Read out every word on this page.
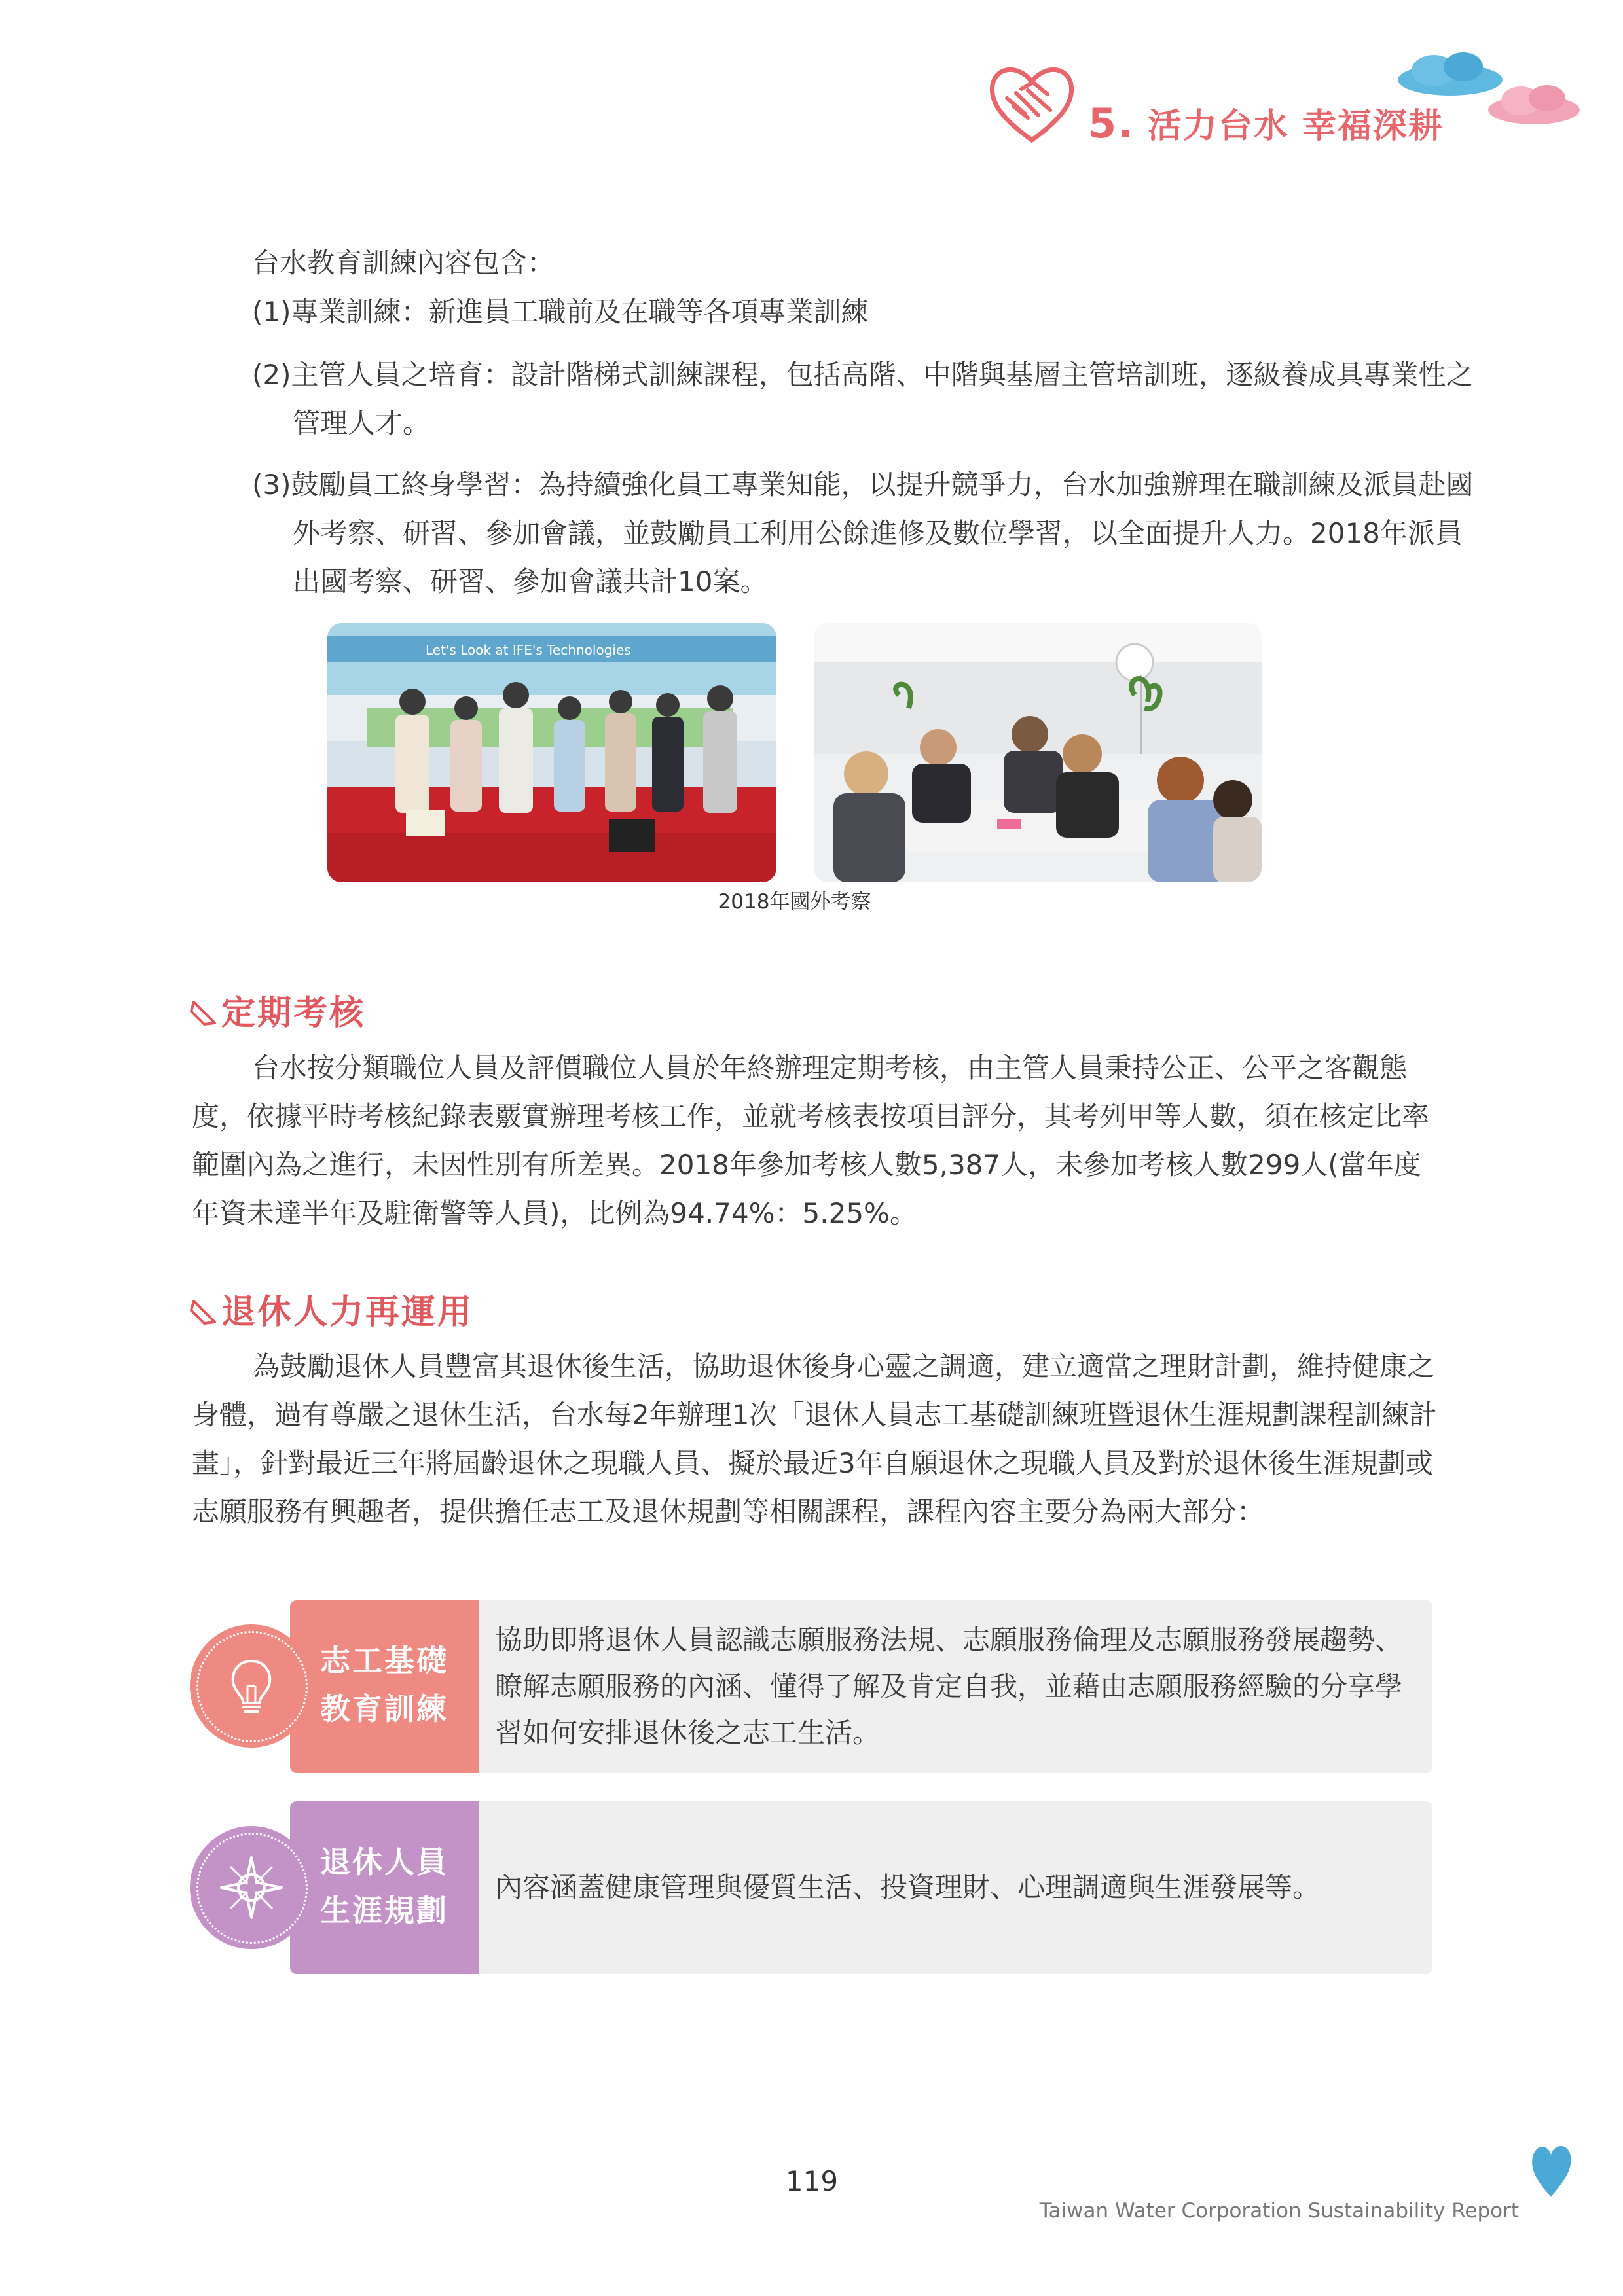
5. 活力台水 幸福深耕
台水教育訓練內容包含：
(1)專業訓練：新進員工職前及在職等各項專業訓練
(2)主管人員之培育：設計階梯式訓練課程，包括高階、中階與基層主管培訓班，逐級養成具專業性之管理人才。
(3)鼓勵員工終身學習：為持續強化員工專業知能，以提升競爭力，台水加強辦理在職訓練及派員赴國外考察、研習、參加會議，並鼓勵員工利用公餘進修及數位學習，以全面提升人力。2018年派員出國考察、研習、參加會議共計10案。
Let's Look at IFE's Technologies
2018年國外考察
定期考核
台水按分類職位人員及評價職位人員於年終辦理定期考核，由主管人員秉持公正、公平之客觀態度，依據平時考核紀錄表覈實辦理考核工作，並就考核表按項目評分，其考列甲等人數，須在核定比率範圍內為之進行，未因性別有所差異。2018年參加考核人數5,387人，未參加考核人數299人(當年度年資未達半年及駐衛警等人員)，比例為94.74%：5.25%。
退休人力再運用
為鼓勵退休人員豐富其退休後生活，協助退休後身心靈之調適，建立適當之理財計劃，維持健康之身體，過有尊嚴之退休生活，台水每2年辦理1次「退休人員志工基礎訓練班暨退休生涯規劃課程訓練計畫」，針對最近三年將屆齡退休之現職人員、擬於最近3年自願退休之現職人員及對於退休後生涯規劃或志願服務有興趣者，提供擔任志工及退休規劃等相關課程，課程內容主要分為兩大部分：
志工基礎
教育訓練
協助即將退休人員認識志願服務法規、志願服務倫理及志願服務發展趨勢、瞭解志願服務的內涵、懂得了解及肯定自我，並藉由志願服務經驗的分享學習如何安排退休後之志工生活。
退休人員
生涯規劃
內容涵蓋健康管理與優質生活、投資理財、心理調適與生涯發展等。
119
Taiwan Water Corporation Sustainability Report
